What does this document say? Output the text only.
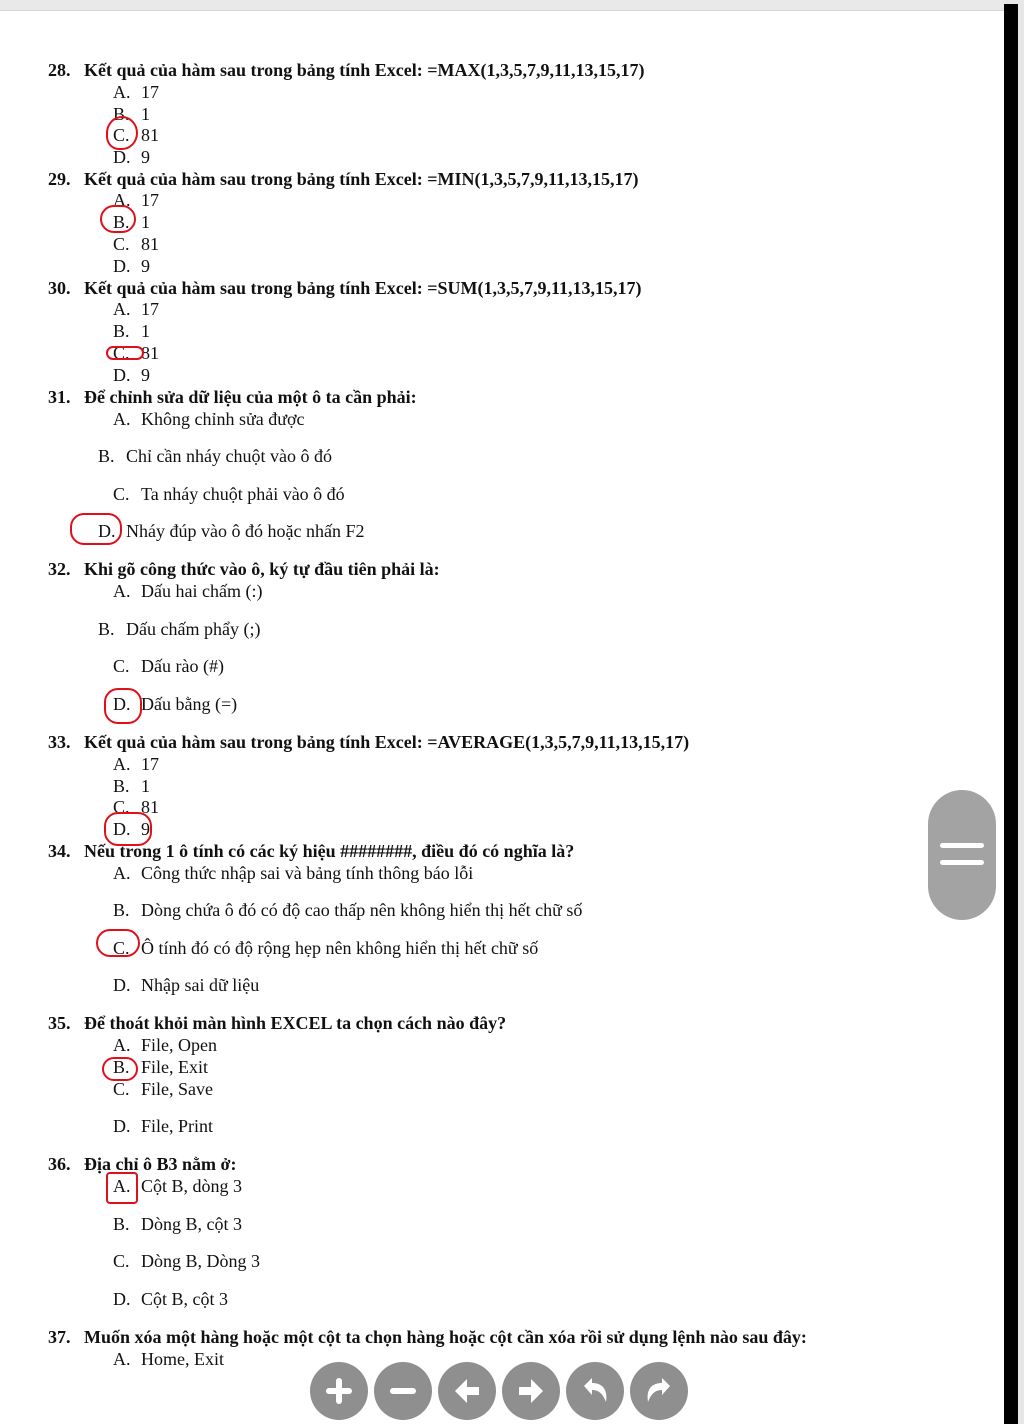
28. Kết quả của hàm sau trong bảng tính Excel: =MAX(1,3,5,7,9,11,13,15,17)
A. 17
B. 1
C. 81
D. 9
29. Kết quả của hàm sau trong bảng tính Excel: =MIN(1,3,5,7,9,11,13,15,17)
A. 17
B. 1
C. 81
D. 9
30. Kết quả của hàm sau trong bảng tính Excel: =SUM(1,3,5,7,9,11,13,15,17)
A. 17
B. 1
C. 81
D. 9
31. Để chỉnh sửa dữ liệu của một ô ta cần phải:
A. Không chỉnh sửa được
B. Chỉ cần nháy chuột vào ô đó
C. Ta nháy chuột phải vào ô đó
D. Nháy đúp vào ô đó hoặc nhấn F2
32. Khi gõ công thức vào ô, ký tự đầu tiên phải là:
A. Dấu hai chấm (:)
B. Dấu chấm phẩy (;)
C. Dấu rào (#)
D. Dấu bằng (=)
33. Kết quả của hàm sau trong bảng tính Excel: =AVERAGE(1,3,5,7,9,11,13,15,17)
A. 17
B. 1
C. 81
D. 9
34. Nếu trong 1 ô tính có các ký hiệu ########, điều đó có nghĩa là?
A. Công thức nhập sai và bảng tính thông báo lỗi
B. Dòng chứa ô đó có độ cao thấp nên không hiển thị hết chữ số
C. Ô tính đó có độ rộng hẹp nên không hiển thị hết chữ số
D. Nhập sai dữ liệu
35. Để thoát khỏi màn hình EXCEL ta chọn cách nào đây?
A. File, Open
B. File, Exit
C. File, Save
D. File, Print
36. Địa chỉ ô B3 nằm ở:
A. Cột B, dòng 3
B. Dòng B, cột 3
C. Dòng B, Dòng 3
D. Cột B, cột 3
37. Muốn xóa một hàng hoặc một cột ta chọn hàng hoặc cột cần xóa rồi sử dụng lệnh nào sau đây:
A. Home, Exit
